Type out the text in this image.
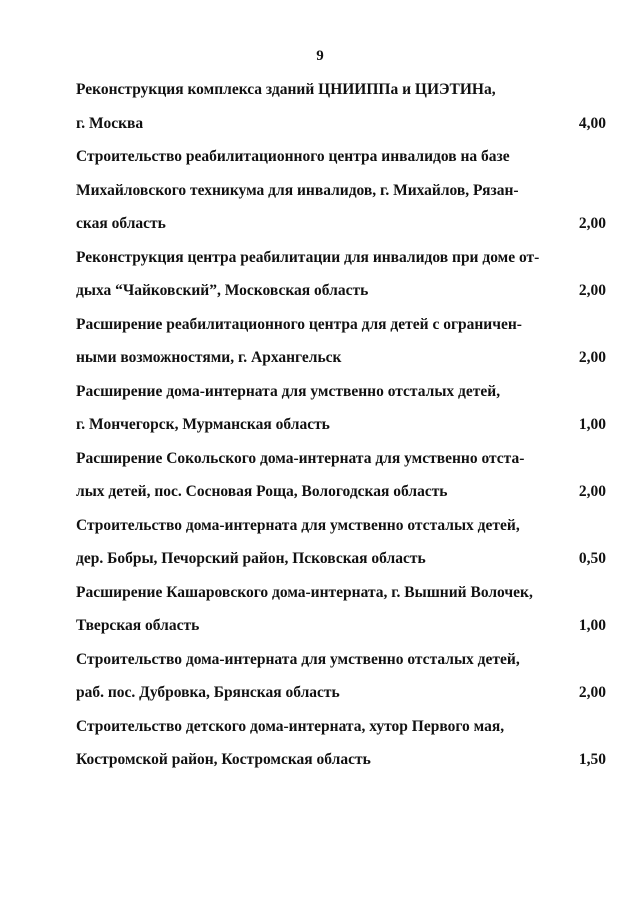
9
Реконструкция комплекса зданий ЦНИИППа и ЦИЭТИНа,
г. Москва	4,00
Строительство реабилитационного центра инвалидов на базе
Михайловского техникума для инвалидов, г. Михайлов, Рязан-
ская область	2,00
Реконструкция центра реабилитации для инвалидов при доме от-
дыха “Чайковский”, Московская область	2,00
Расширение реабилитационного центра для детей с ограничен-
ными возможностями, г. Архангельск	2,00
Расширение дома-интерната для умственно отсталых детей,
г. Мончегорск, Мурманская область	1,00
Расширение Сокольского дома-интерната для умственно отста-
лых детей, пос. Сосновая Роща, Вологодская область	2,00
Строительство дома-интерната для умственно отсталых детей,
дер. Бобры, Печорский район, Псковская область	0,50
Расширение Кашаровского дома-интерната, г. Вышний Волочек,
Тверская область	1,00
Строительство дома-интерната для умственно отсталых детей,
раб. пос. Дубровка, Брянская область	2,00
Строительство детского дома-интерната, хутор Первого мая,
Костромской район, Костромская область	1,50
